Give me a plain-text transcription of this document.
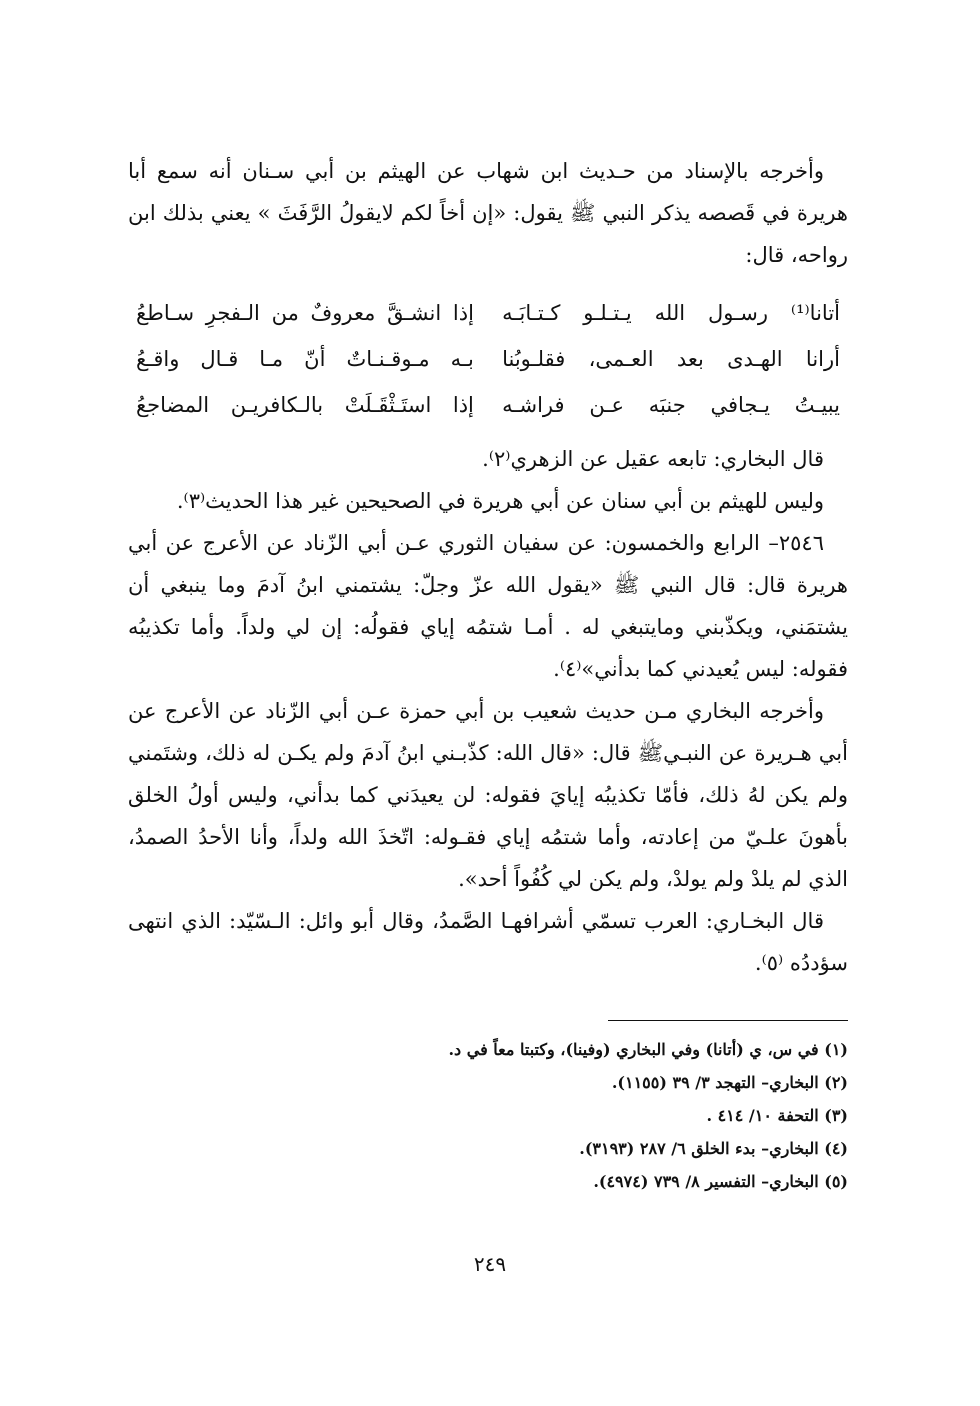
وأخرجه بالإسناد من حـديث ابن شهاب عن الهيثم بن أبي سـنان أنه سمع أبا هريرة في قَصصه يذكر النبي ﷺ يقول: «إن أخاً لكم لايقولُ الرَّفَثَ » يعني بذلك ابن رواحه، قال:

أتانا⁽¹⁾ رسـول الله يـتـلـو كـتـابَـه
إذا انشـقَّ معروفٌ من الـفجرِ سـاطعُ
أرانا الهـدى بعد العـمى، فقلـوبُنا
بـه مـوقـنـاتٌ أنّ مـا قـال واقـعُ
يبيـتُ يـجافي جنبَه عـن فراشـه
إذا استَـثْقَـلَتْ بالـكافريـن المضاجعُ

قال البخاري: تابعه عقيل عن الزهري⁽٢⁾.

وليس للهيثم بن أبي سنان عن أبي هريرة في الصحيحين غير هذا الحديث⁽٣⁾.

٢٥٤٦– الرابع والخمسون: عن سفيان الثوري عـن أبي الزّناد عن الأعرج عن أبي هريرة قال: قال النبي ﷺ «يقول الله عزّ وجلّ: يشتمني ابنُ آدمَ وما ينبغي أن يشتمَني، ويكذّبني ومايتبغي له . أمـا شتمُه إياي فقولُه: إن لي ولداً. وأما تكذيبُه فقوله: ليس يُعيدني كما بدأني»⁽٤⁾.

وأخرجه البخاري مـن حديث شعيب بن أبي حمزة عـن أبي الزّناد عن الأعرج عن أبي هـريرة عن النبـيﷺ قال: «قال الله: كذّبـني ابنُ آدمَ ولم يكـن له ذلك، وشتَمني ولم يكن لهُ ذلك، فأمّا تكذيبُه إيايَ فقوله: لن يعيدَني كما بدأني، وليس أولُ الخلق بأهونَ علـيّ من إعادته، وأما شتمُه إياي فقـوله: اتّخذَ الله ولداً، وأنا الأحدُ الصمدُ، الذي لم يلدْ ولم يولدْ، ولم يكن لي كُفُواً أحد».

قال البخـاري: العرب تسمّي أشرافهـا الصَّمدُ، وقال أبو وائل: الـسّيّد: الذي انتهى سؤددُه ⁽٥⁾.

(١) في س، ي (أتانا) وفي البخاري (وفينا)، وكتبتا معاً في د.
(٢) البخاري– التهجد ٣/ ٣٩ (١١٥٥).
(٣) التحفة ١٠/ ٤١٤ .
(٤) البخاري– بدء الخلق ٦/ ٢٨٧ (٣١٩٣).
(٥) البخاري– التفسير ٨/ ٧٣٩ (٤٩٧٤).
٢٤٩
